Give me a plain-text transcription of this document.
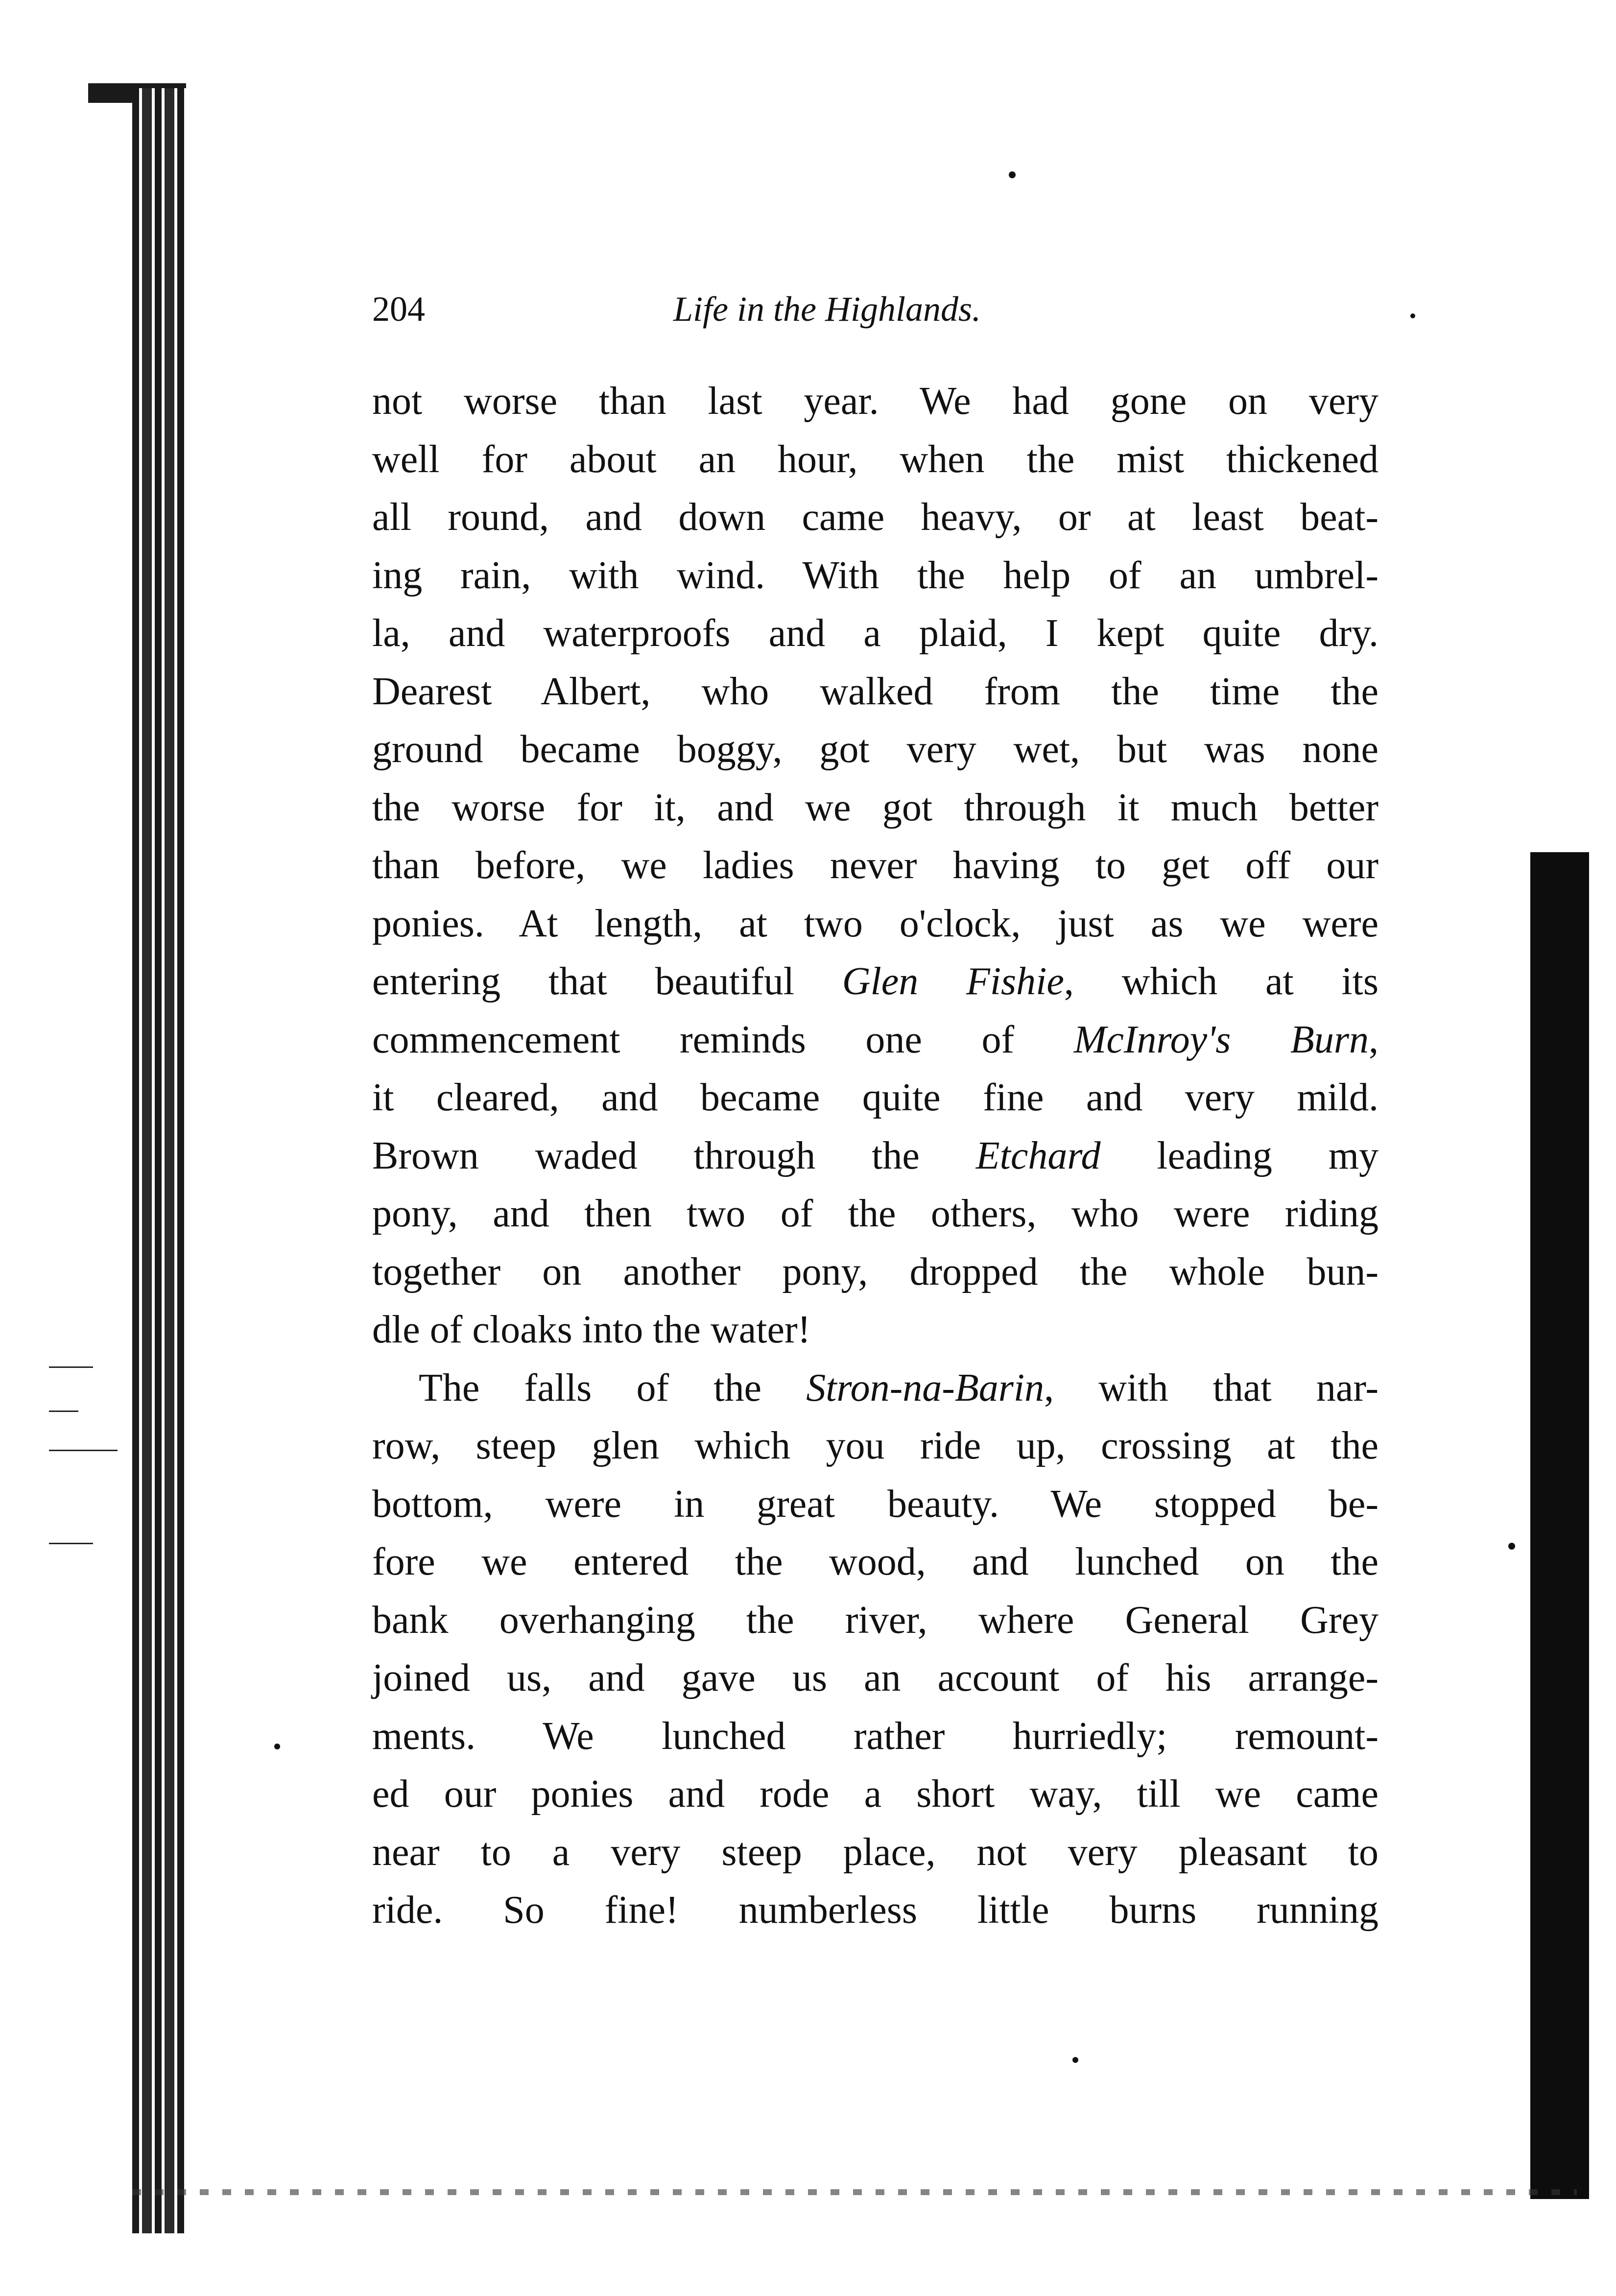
204	Life in the Highlands.
not worse than last year. We had gone on very
well for about an hour, when the mist thickened
all round, and down came heavy, or at least beat-
ing rain, with wind. With the help of an umbrel-
la, and waterproofs and a plaid, I kept quite dry.
Dearest Albert, who walked from the time the
ground became boggy, got very wet, but was none
the worse for it, and we got through it much better
than before, we ladies never having to get off our
ponies. At length, at two o'clock, just as we were
entering that beautiful Glen Fishie, which at its
commencement reminds one of McInroy's Burn,
it cleared, and became quite fine and very mild.
Brown waded through the Etchard leading my
pony, and then two of the others, who were riding
together on another pony, dropped the whole bun-
dle of cloaks into the water!
The falls of the Stron-na-Barin, with that nar-
row, steep glen which you ride up, crossing at the
bottom, were in great beauty. We stopped be-
fore we entered the wood, and lunched on the
bank overhanging the river, where General Grey
joined us, and gave us an account of his arrange-
ments. We lunched rather hurriedly; remount-
ed our ponies and rode a short way, till we came
near to a very steep place, not very pleasant to
ride. So fine! numberless little burns running
